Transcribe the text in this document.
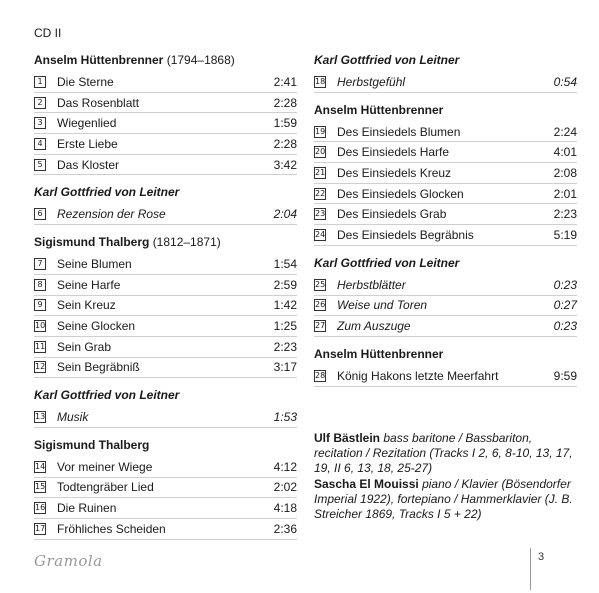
CD II
Anselm Hüttenbrenner (1794–1868)
1 Die Sterne	2:41
2 Das Rosenblatt	2:28
3 Wiegenlied	1:59
4 Erste Liebe	2:28
5 Das Kloster	3:42
Karl Gottfried von Leitner
6 Rezension der Rose	2:04
Sigismund Thalberg (1812–1871)
7 Seine Blumen	1:54
8 Seine Harfe	2:59
9 Sein Kreuz	1:42
10 Seine Glocken	1:25
11 Sein Grab	2:23
12 Sein Begräbniß	3:17
Karl Gottfried von Leitner
13 Musik	1:53
Sigismund Thalberg
14 Vor meiner Wiege	4:12
15 Todtengräber Lied	2:02
16 Die Ruinen	4:18
17 Fröhliches Scheiden	2:36
Karl Gottfried von Leitner
18 Herbstgefühl	0:54
Anselm Hüttenbrenner
19 Des Einsiedels Blumen	2:24
20 Des Einsiedels Harfe	4:01
21 Des Einsiedels Kreuz	2:08
22 Des Einsiedels Glocken	2:01
23 Des Einsiedels Grab	2:23
24 Des Einsiedels Begräbnis	5:19
Karl Gottfried von Leitner
25 Herbstblätter	0:23
26 Weise und Toren	0:27
27 Zum Auszuge	0:23
Anselm Hüttenbrenner
28 König Hakons letzte Meerfahrt	9:59

Ulf Bästlein bass baritone / Bassbariton, recitation / Rezitation (Tracks I 2, 6, 8-10, 13, 17, 19, II 6, 13, 18, 25-27)

Sascha El Mouissi piano / Klavier (Bösendorfer Imperial 1922), fortepiano / Hammerklavier (J. B. Streicher 1869, Tracks I 5 + 22)

Gramola	3
